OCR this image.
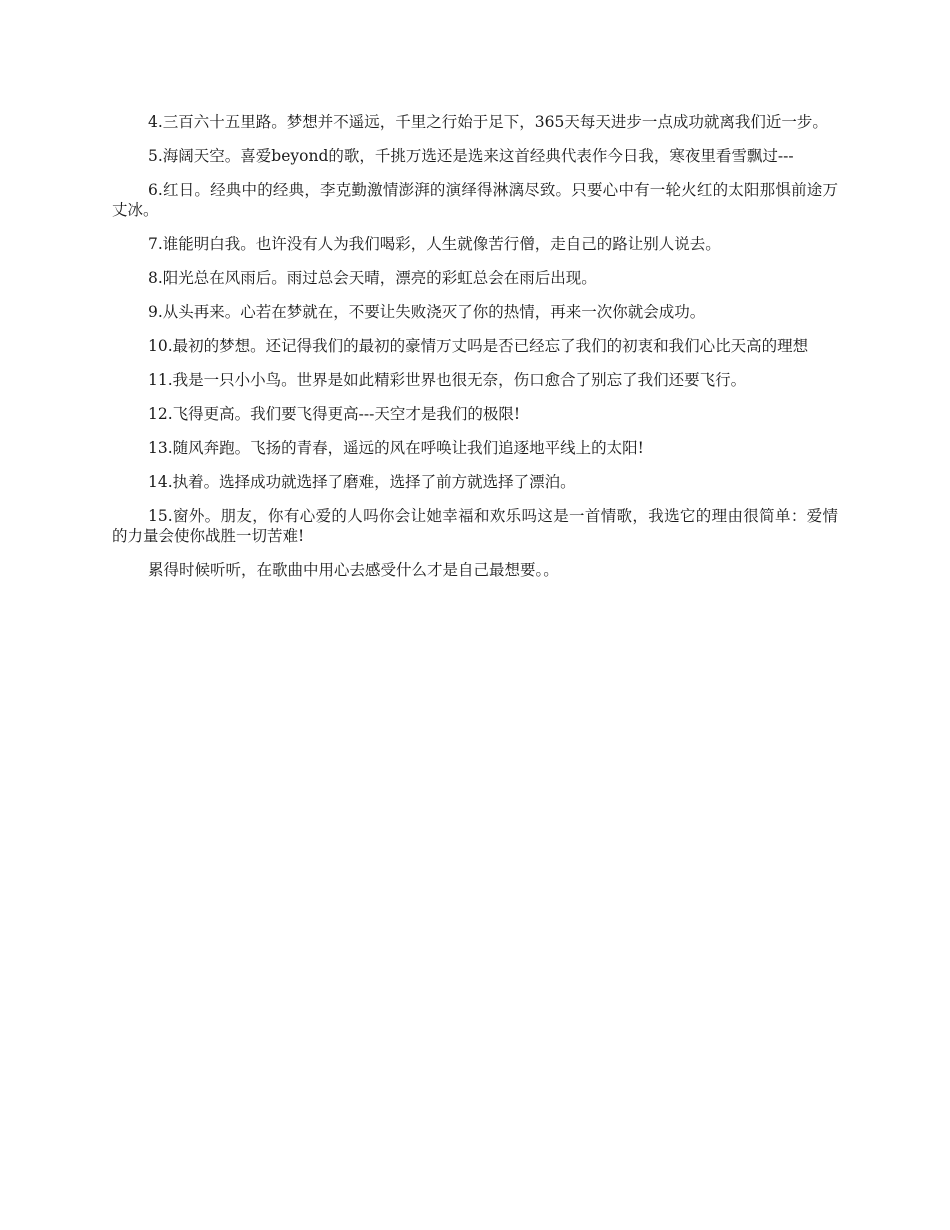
4.三百六十五里路。梦想并不遥远，千里之行始于足下，365天每天进步一点成功就离我们近一步。

5.海阔天空。喜爱beyond的歌，千挑万选还是选来这首经典代表作今日我，寒夜里看雪飘过---

6.红日。经典中的经典，李克勤激情澎湃的演绎得淋漓尽致。只要心中有一轮火红的太阳那惧前途万丈冰。

7.谁能明白我。也许没有人为我们喝彩，人生就像苦行僧，走自己的路让别人说去。

8.阳光总在风雨后。雨过总会天晴，漂亮的彩虹总会在雨后出现。

9.从头再来。心若在梦就在，不要让失败浇灭了你的热情，再来一次你就会成功。

10.最初的梦想。还记得我们的最初的豪情万丈吗是否已经忘了我们的初衷和我们心比天高的理想

11.我是一只小小鸟。世界是如此精彩世界也很无奈，伤口愈合了别忘了我们还要飞行。

12.飞得更高。我们要飞得更高---天空才是我们的极限!

13.随风奔跑。飞扬的青春，遥远的风在呼唤让我们追逐地平线上的太阳!

14.执着。选择成功就选择了磨难，选择了前方就选择了漂泊。

15.窗外。朋友，你有心爱的人吗你会让她幸福和欢乐吗这是一首情歌，我选它的理由很简单：爱情的力量会使你战胜一切苦难!

累得时候听听，在歌曲中用心去感受什么才是自己最想要。。
